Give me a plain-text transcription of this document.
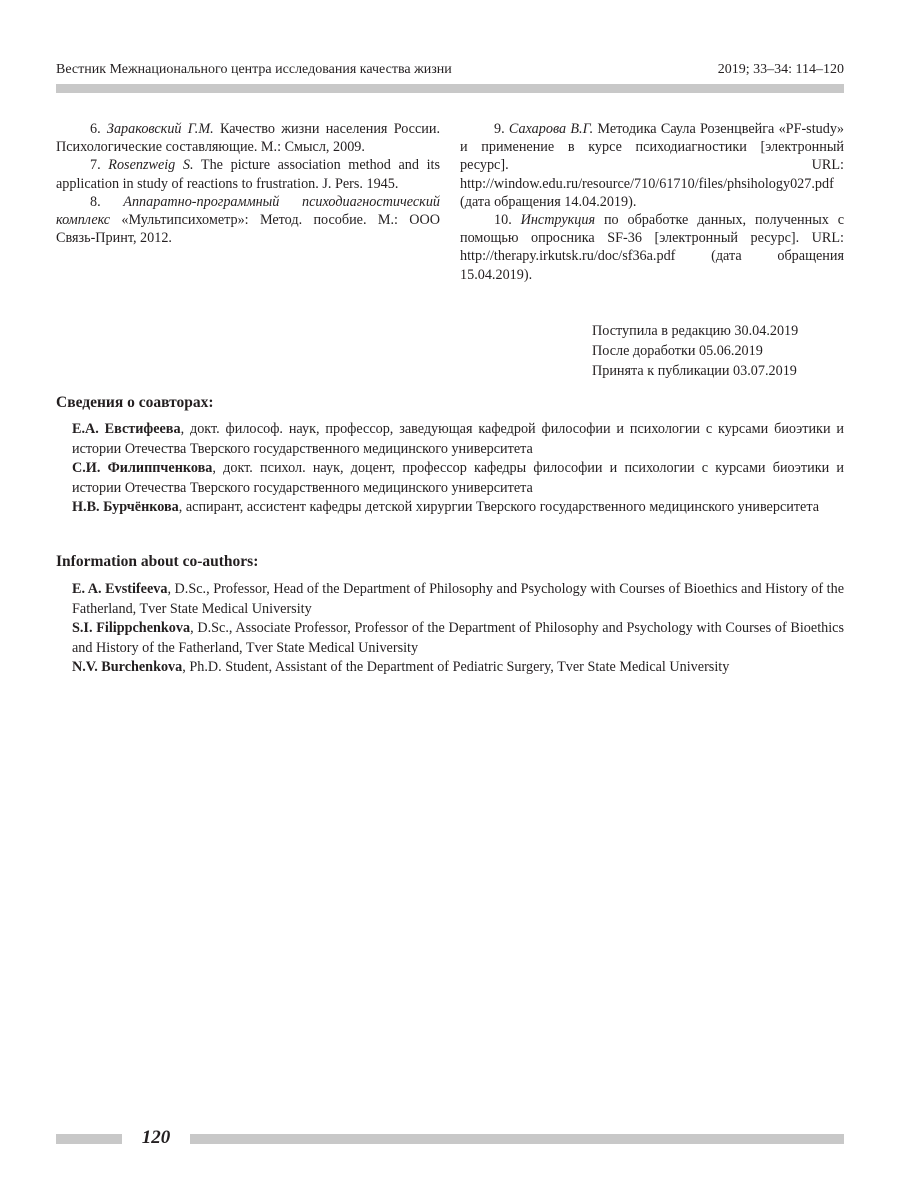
Вестник Межнационального центра исследования качества жизни	2019; 33–34: 114–120

6. Зараковский Г.М. Качество жизни населения России. Психологические составляющие. М.: Смысл, 2009.

7. Rosenzweig S. The picture association method and its application in study of reactions to frustration. J. Pers. 1945.

8. Аппаратно-программный психодиагностический комплекс «Мультипсихометр»: Метод. пособие. М.: ООО Связь-Принт, 2012.

9. Сахарова В.Г. Методика Саула Розенцвейга «PF-study» и применение в курсе психодиагностики [электронный ресурс]. URL: http://window.edu.ru/resource/710/61710/files/phsihology027.pdf (дата обращения 14.04.2019).

10. Инструкция по обработке данных, полученных с помощью опросника SF-36 [электронный ресурс]. URL: http://therapy.irkutsk.ru/doc/sf36a.pdf (дата обращения 15.04.2019).

Поступила в редакцию 30.04.2019
После доработки 05.06.2019
Принята к публикации 03.07.2019
Сведения о соавторах:

Е.А. Евстифеева, докт. философ. наук, профессор, заведующая кафедрой философии и психологии с курсами биоэтики и истории Отечества Тверского государственного медицинского университета

С.И. Филиппченкова, докт. психол. наук, доцент, профессор кафедры философии и психологии с курсами биоэтики и истории Отечества Тверского государственного медицинского университета

Н.В. Бурчёнкова, аспирант, ассистент кафедры детской хирургии Тверского государственного медицинского университета

Information about co-authors:

E. A. Evstifeeva, D.Sc., Professor, Head of the Department of Philosophy and Psychology with Courses of Bioethics and History of the Fatherland, Tver State Medical University

S.I. Filippchenkova, D.Sc., Associate Professor, Professor of the Department of Philosophy and Psychology with Courses of Bioethics and History of the Fatherland, Tver State Medical University

N.V. Burchenkova, Ph.D. Student, Assistant of the Department of Pediatric Surgery, Tver State Medical University

120
